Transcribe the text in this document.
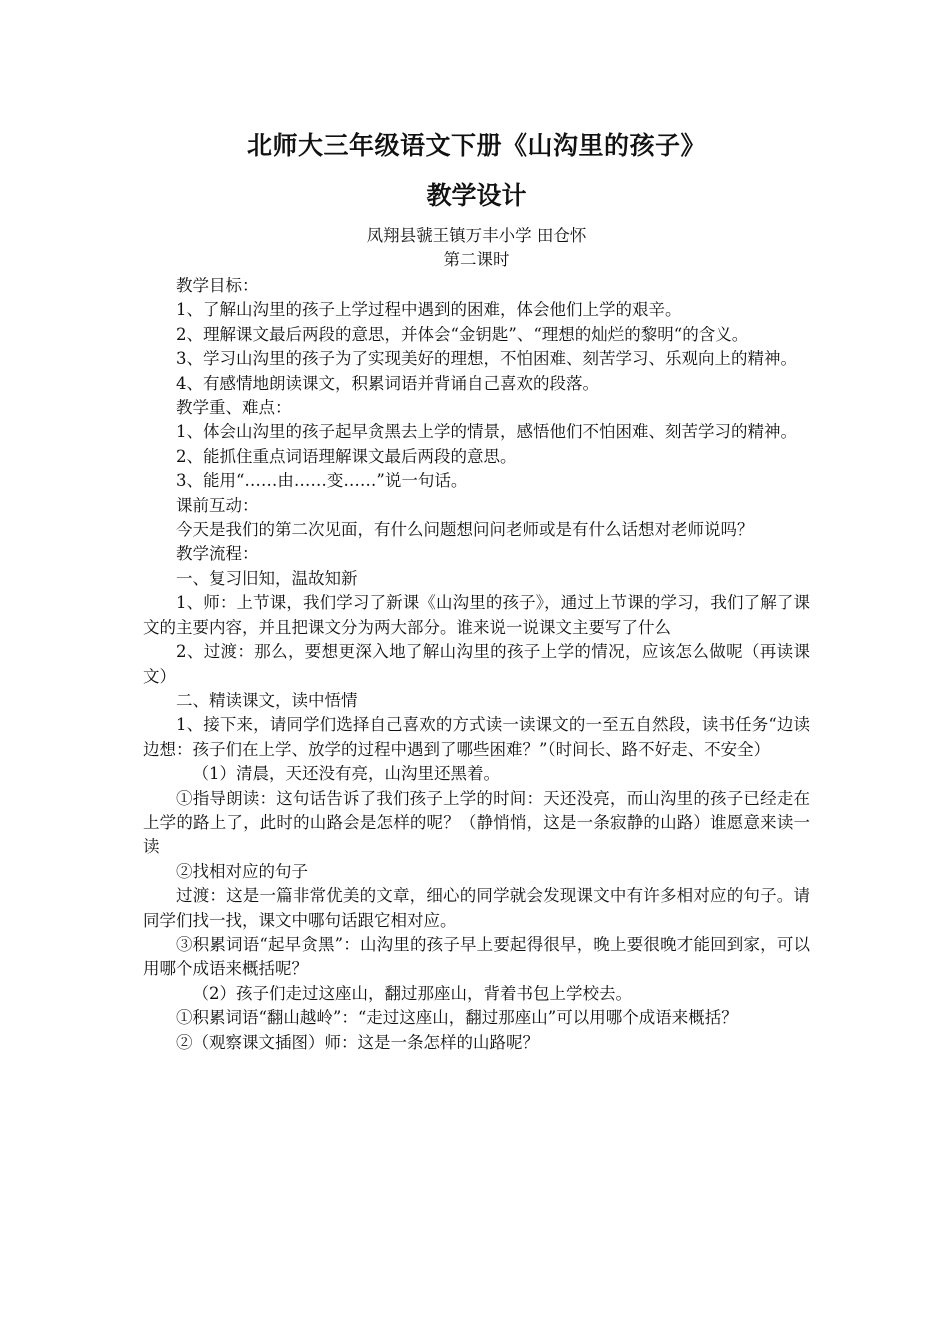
北师大三年级语文下册《山沟里的孩子》
教学设计

凤翔县虢王镇万丰小学 田仓怀

第二课时

教学目标：

1、了解山沟里的孩子上学过程中遇到的困难，体会他们上学的艰辛。

2、理解课文最后两段的意思，并体会“金钥匙”、“理想的灿烂的黎明“的含义。

3、学习山沟里的孩子为了实现美好的理想，不怕困难、刻苦学习、乐观向上的精神。

4、有感情地朗读课文，积累词语并背诵自己喜欢的段落。

教学重、难点：

1、体会山沟里的孩子起早贪黑去上学的情景，感悟他们不怕困难、刻苦学习的精神。

2、能抓住重点词语理解课文最后两段的意思。

3、能用“……由……变……”说一句话。

课前互动：

今天是我们的第二次见面，有什么问题想问问老师或是有什么话想对老师说吗？

教学流程：

一、复习旧知，温故知新

1、师：上节课，我们学习了新课《山沟里的孩子》，通过上节课的学习，我们了解了课文的主要内容，并且把课文分为两大部分。谁来说一说课文主要写了什么

2、过渡：那么，要想更深入地了解山沟里的孩子上学的情况，应该怎么做呢（再读课文）

二、精读课文，读中悟情

1、接下来，请同学们选择自己喜欢的方式读一读课文的一至五自然段，读书任务“边读边想：孩子们在上学、放学的过程中遇到了哪些困难？”（时间长、路不好走、不安全）

（1）清晨，天还没有亮，山沟里还黑着。

①指导朗读：这句话告诉了我们孩子上学的时间：天还没亮，而山沟里的孩子已经走在上学的路上了，此时的山路会是怎样的呢？（静悄悄，这是一条寂静的山路）谁愿意来读一读

②找相对应的句子

过渡：这是一篇非常优美的文章，细心的同学就会发现课文中有许多相对应的句子。请同学们找一找，课文中哪句话跟它相对应。

③积累词语“起早贪黑”：山沟里的孩子早上要起得很早，晚上要很晚才能回到家，可以用哪个成语来概括呢？

（2）孩子们走过这座山，翻过那座山，背着书包上学校去。

①积累词语“翻山越岭”：“走过这座山，翻过那座山”可以用哪个成语来概括？

②（观察课文插图）师：这是一条怎样的山路呢？
